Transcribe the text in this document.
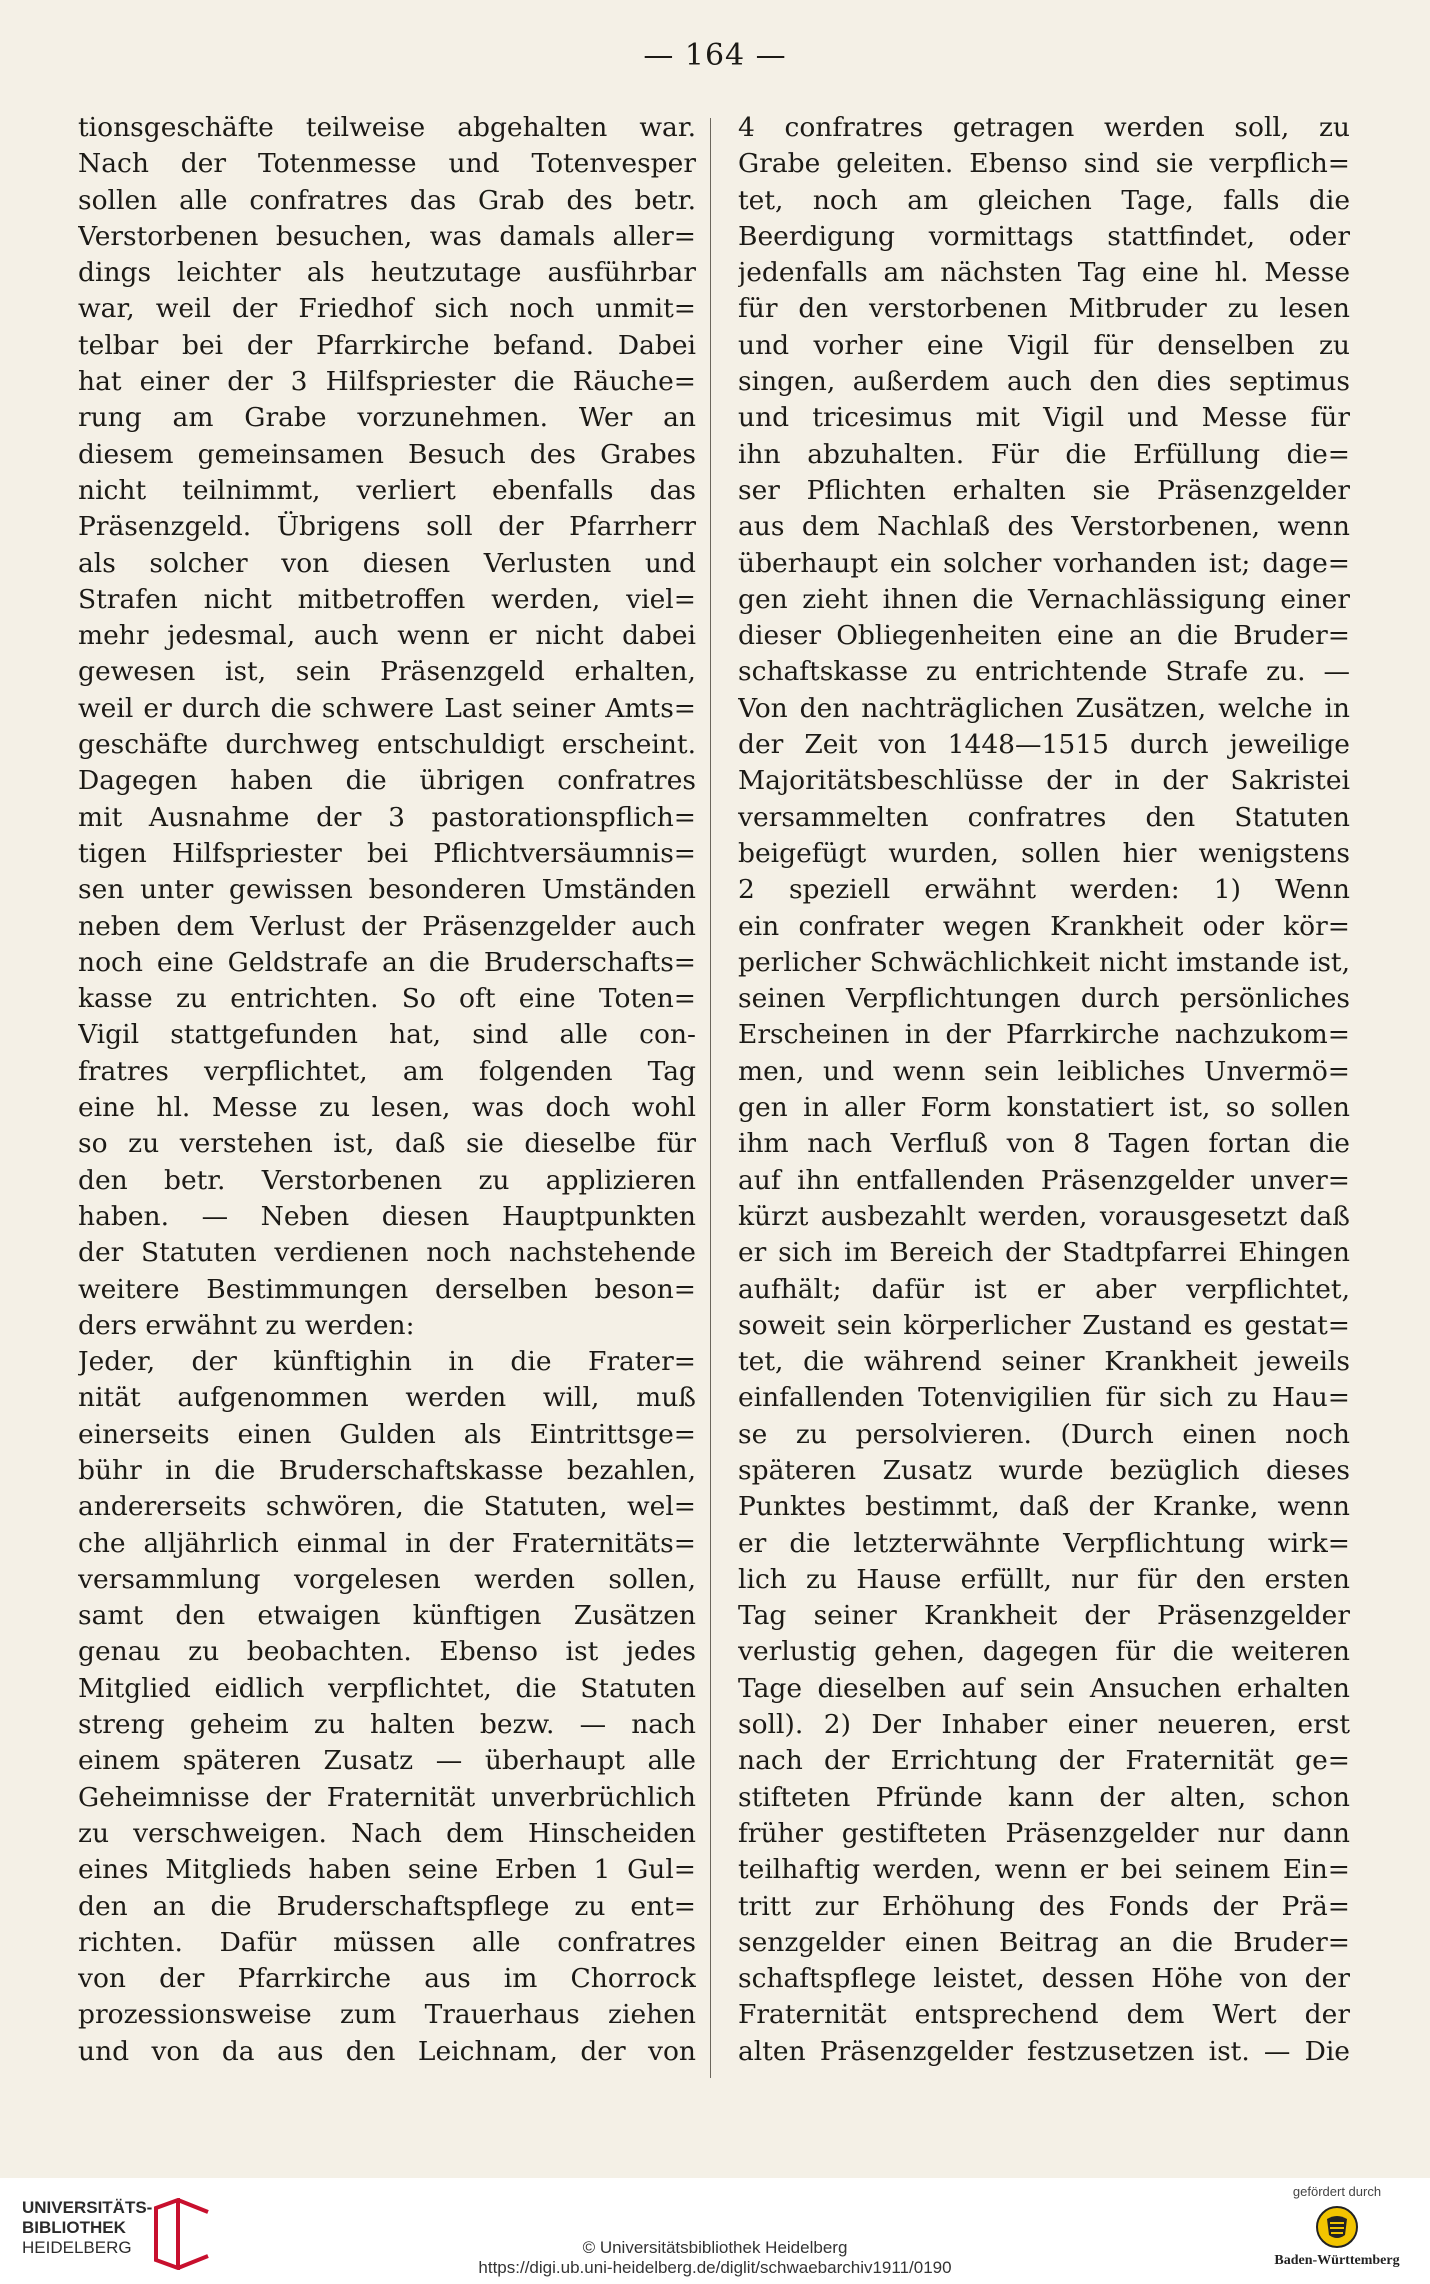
— 164 —
tionsgeschäfte teilweise abgehalten war.
Nach der Totenmesse und Totenvesper
sollen alle confratres das Grab des betr.
Verstorbenen besuchen, was damals aller=
dings leichter als heutzutage ausführbar
war, weil der Friedhof sich noch unmit=
telbar bei der Pfarrkirche befand. Dabei
hat einer der 3 Hilfspriester die Räuche=
rung am Grabe vorzunehmen. Wer an
diesem gemeinsamen Besuch des Grabes
nicht teilnimmt, verliert ebenfalls das
Präsenzgeld. Übrigens soll der Pfarrherr
als solcher von diesen Verlusten und
Strafen nicht mitbetroffen werden, viel=
mehr jedesmal, auch wenn er nicht dabei
gewesen ist, sein Präsenzgeld erhalten,
weil er durch die schwere Last seiner Amts=
geschäfte durchweg entschuldigt erscheint.
Dagegen haben die übrigen confratres
mit Ausnahme der 3 pastorationspflich=
tigen Hilfspriester bei Pflichtversäumnis=
sen unter gewissen besonderen Umständen
neben dem Verlust der Präsenzgelder auch
noch eine Geldstrafe an die Bruderschafts=
kasse zu entrichten. So oft eine Toten=
Vigil stattgefunden hat, sind alle con-
fratres verpflichtet, am folgenden Tag
eine hl. Messe zu lesen, was doch wohl
so zu verstehen ist, daß sie dieselbe für
den betr. Verstorbenen zu applizieren
haben. — Neben diesen Hauptpunkten
der Statuten verdienen noch nachstehende
weitere Bestimmungen derselben beson=
ders erwähnt zu werden:
Jeder, der künftighin in die Frater=
nität aufgenommen werden will, muß
einerseits einen Gulden als Eintrittsge=
bühr in die Bruderschaftskasse bezahlen,
andererseits schwören, die Statuten, wel=
che alljährlich einmal in der Fraternitäts=
versammlung vorgelesen werden sollen,
samt den etwaigen künftigen Zusätzen
genau zu beobachten. Ebenso ist jedes
Mitglied eidlich verpflichtet, die Statuten
streng geheim zu halten bezw. — nach
einem späteren Zusatz — überhaupt alle
Geheimnisse der Fraternität unverbrüchlich
zu verschweigen. Nach dem Hinscheiden
eines Mitglieds haben seine Erben 1 Gul=
den an die Bruderschaftspflege zu ent=
richten. Dafür müssen alle confratres
von der Pfarrkirche aus im Chorrock
prozessionsweise zum Trauerhaus ziehen
und von da aus den Leichnam, der von
4 confratres getragen werden soll, zu
Grabe geleiten. Ebenso sind sie verpflich=
tet, noch am gleichen Tage, falls die
Beerdigung vormittags stattfindet, oder
jedenfalls am nächsten Tag eine hl. Messe
für den verstorbenen Mitbruder zu lesen
und vorher eine Vigil für denselben zu
singen, außerdem auch den dies septimus
und tricesimus mit Vigil und Messe für
ihn abzuhalten. Für die Erfüllung die=
ser Pflichten erhalten sie Präsenzgelder
aus dem Nachlaß des Verstorbenen, wenn
überhaupt ein solcher vorhanden ist; dage=
gen zieht ihnen die Vernachlässigung einer
dieser Obliegenheiten eine an die Bruder=
schaftskasse zu entrichtende Strafe zu. —
Von den nachträglichen Zusätzen, welche in
der Zeit von 1448—1515 durch jeweilige
Majoritätsbeschlüsse der in der Sakristei
versammelten confratres den Statuten
beigefügt wurden, sollen hier wenigstens
2 speziell erwähnt werden: 1) Wenn
ein confrater wegen Krankheit oder kör=
perlicher Schwächlichkeit nicht imstande ist,
seinen Verpflichtungen durch persönliches
Erscheinen in der Pfarrkirche nachzukom=
men, und wenn sein leibliches Unvermö=
gen in aller Form konstatiert ist, so sollen
ihm nach Verfluß von 8 Tagen fortan die
auf ihn entfallenden Präsenzgelder unver=
kürzt ausbezahlt werden, vorausgesetzt daß
er sich im Bereich der Stadtpfarrei Ehingen
aufhält; dafür ist er aber verpflichtet,
soweit sein körperlicher Zustand es gestat=
tet, die während seiner Krankheit jeweils
einfallenden Totenvigilien für sich zu Hau=
se zu persolvieren. (Durch einen noch
späteren Zusatz wurde bezüglich dieses
Punktes bestimmt, daß der Kranke, wenn
er die letzterwähnte Verpflichtung wirk=
lich zu Hause erfüllt, nur für den ersten
Tag seiner Krankheit der Präsenzgelder
verlustig gehen, dagegen für die weiteren
Tage dieselben auf sein Ansuchen erhalten
soll). 2) Der Inhaber einer neueren, erst
nach der Errichtung der Fraternität ge=
stifteten Pfründe kann der alten, schon
früher gestifteten Präsenzgelder nur dann
teilhaftig werden, wenn er bei seinem Ein=
tritt zur Erhöhung des Fonds der Prä=
senzgelder einen Beitrag an die Bruder=
schaftspflege leistet, dessen Höhe von der
Fraternität entsprechend dem Wert der
alten Präsenzgelder festzusetzen ist. — Die
UNIVERSITÄTS-
BIBLIOTHEK
HEIDELBERG	© Universitätsbibliothek Heidelberg
https://digi.ub.uni-heidelberg.de/diglit/schwaebarchiv1911/0190
gefördert durch
Baden-Württemberg
